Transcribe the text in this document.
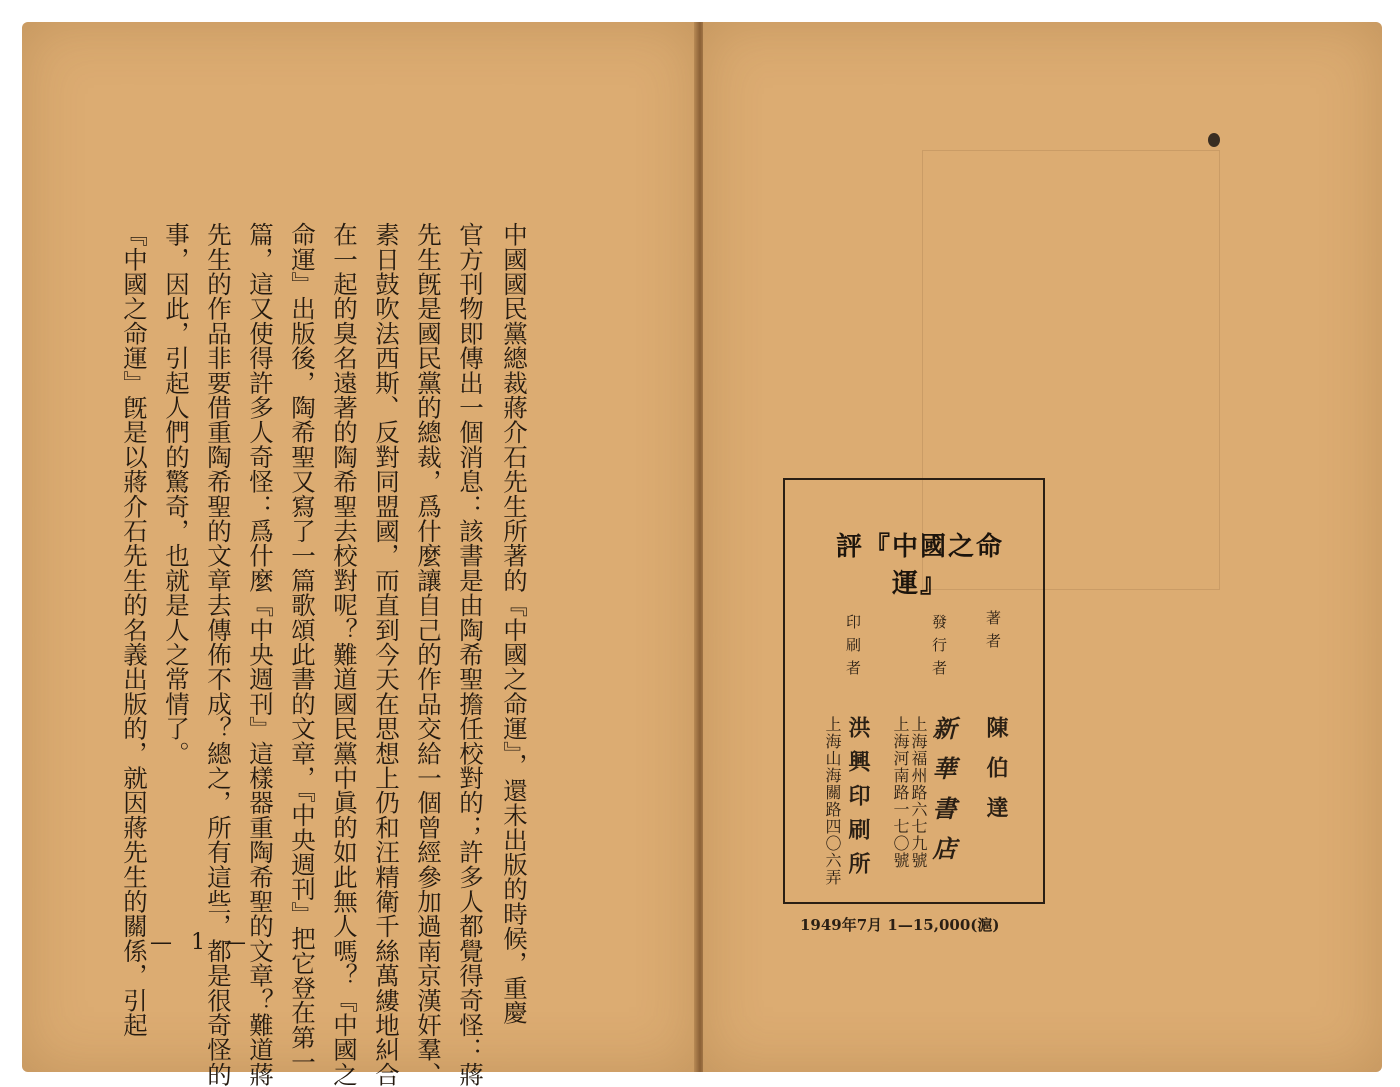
中國國民黨總裁蔣介石先生所著的『中國之命運』，還未出版的時候，重慶
官方刊物即傳出一個消息：該書是由陶希聖擔任校對的；許多人都覺得奇怪：蔣
先生旣是國民黨的總裁，爲什麼讓自己的作品交給一個曾經參加過南京漢奸羣、
素日鼓吹法西斯、反對同盟國，而直到今天在思想上仍和汪精衛千絲萬縷地糾合
在一起的臭名遠著的陶希聖去校對呢？難道國民黨中眞的如此無人嗎？『中國之
命運』出版後，陶希聖又寫了一篇歌頌此書的文章，『中央週刊』把它登在第一
篇，這又使得許多人奇怪：爲什麼『中央週刊』這樣器重陶希聖的文章？難道蔣
先生的作品非要借重陶希聖的文章去傳佈不成？總之，所有這些，都是很奇怪的
事，因此，引起人們的驚奇，也就是人之常情了。
『中國之命運』旣是以蔣介石先生的名義出版的，就因蔣先生的關係，引起 — 1 —
評『中國之命運』
著者
陳伯達
發行者
新華書店
上海福州路六七九號
上海河南路一七〇號
印刷者
洪興印刷所
上海山海關路四〇六弄
1949年7月 1—15,000(滬)
